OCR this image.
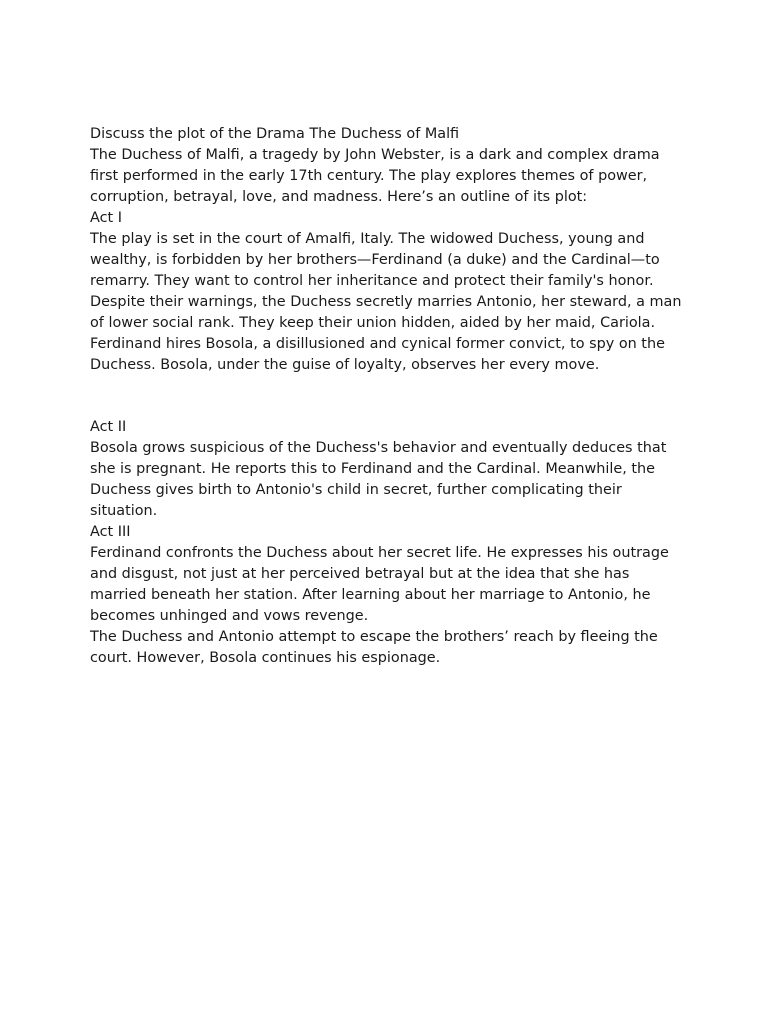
Discuss the plot of the Drama The Duchess of Malfi

The Duchess of Malfi, a tragedy by John Webster, is a dark and complex drama first performed in the early 17th century. The play explores themes of power, corruption, betrayal, love, and madness. Here’s an outline of its plot:

Act I

The play is set in the court of Amalfi, Italy. The widowed Duchess, young and wealthy, is forbidden by her brothers—Ferdinand (a duke) and the Cardinal—to remarry. They want to control her inheritance and protect their family's honor. Despite their warnings, the Duchess secretly marries Antonio, her steward, a man of lower social rank. They keep their union hidden, aided by her maid, Cariola.

Ferdinand hires Bosola, a disillusioned and cynical former convict, to spy on the Duchess. Bosola, under the guise of loyalty, observes her every move.

Act II

Bosola grows suspicious of the Duchess's behavior and eventually deduces that she is pregnant. He reports this to Ferdinand and the Cardinal. Meanwhile, the Duchess gives birth to Antonio's child in secret, further complicating their situation.

Act III

Ferdinand confronts the Duchess about her secret life. He expresses his outrage and disgust, not just at her perceived betrayal but at the idea that she has married beneath her station. After learning about her marriage to Antonio, he becomes unhinged and vows revenge.

The Duchess and Antonio attempt to escape the brothers’ reach by fleeing the court. However, Bosola continues his espionage.
